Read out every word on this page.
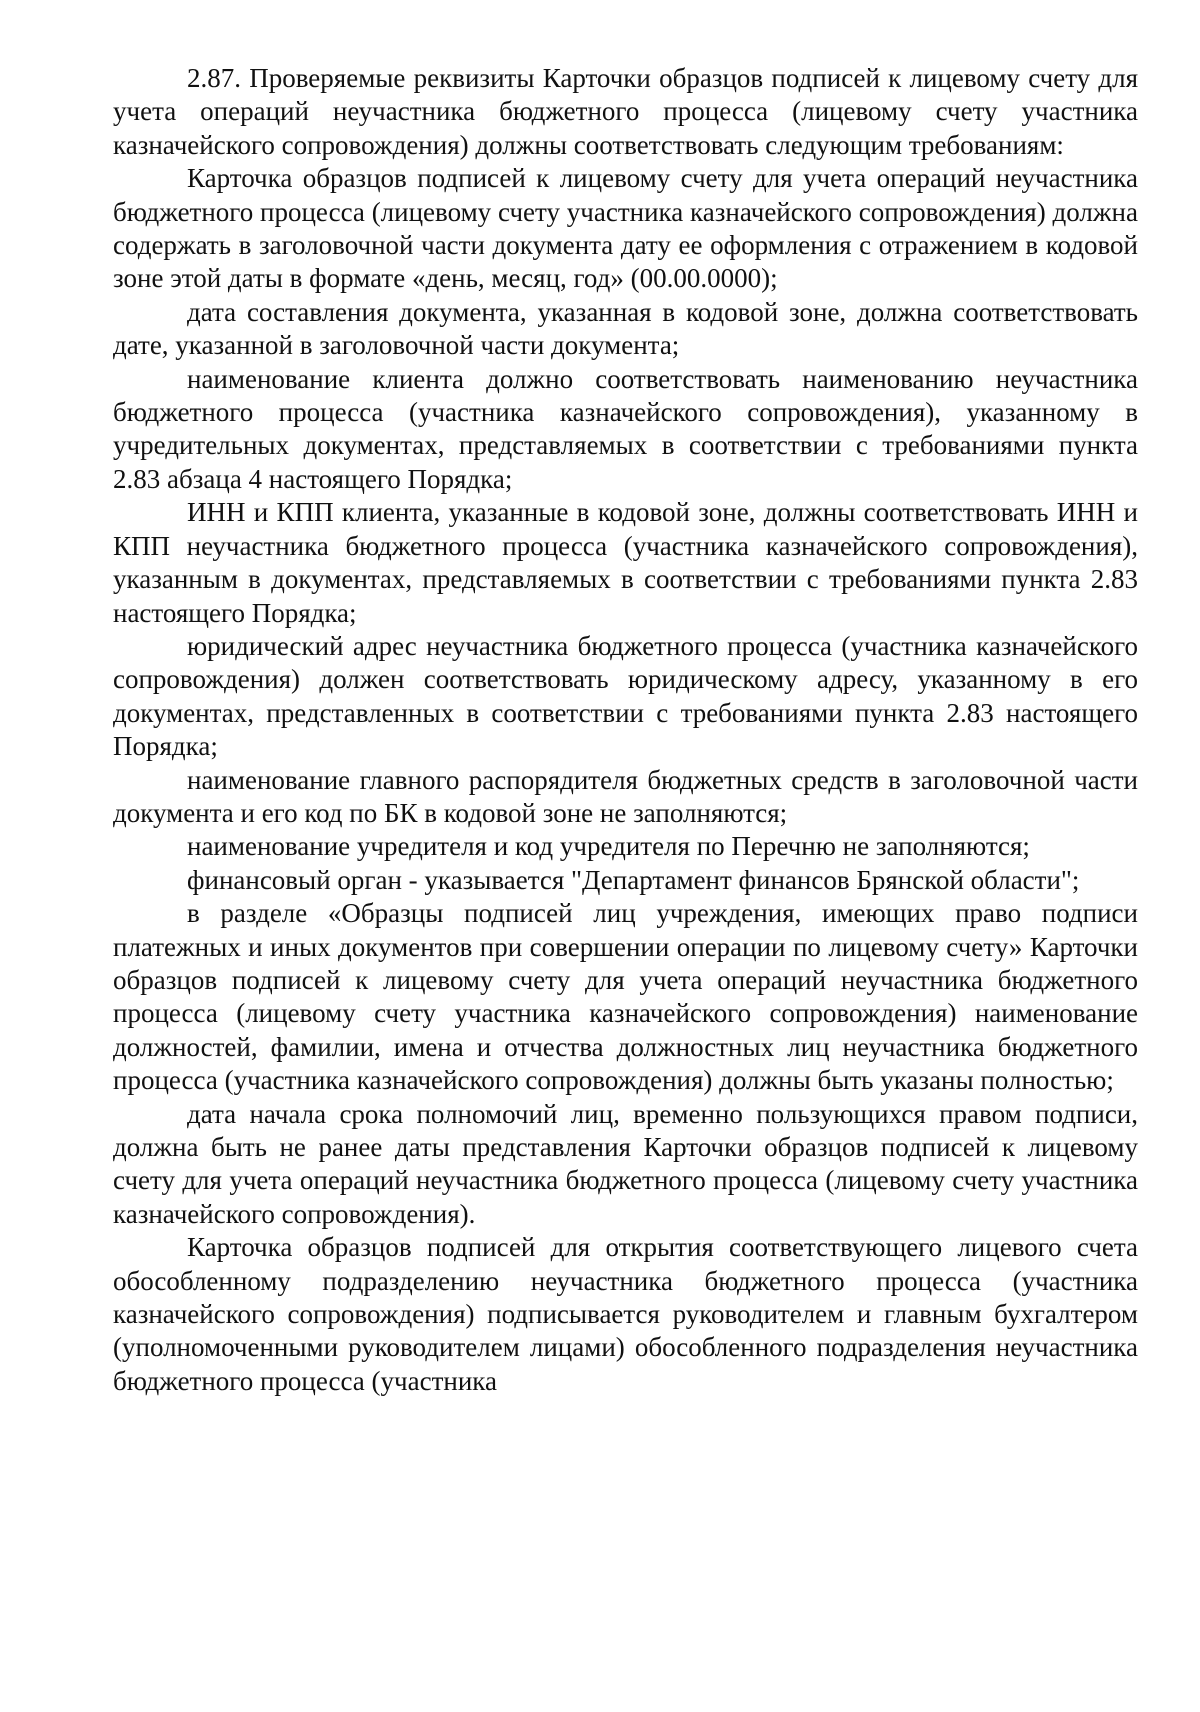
2.87. Проверяемые реквизиты Карточки образцов подписей к лицевому счету для учета операций неучастника бюджетного процесса (лицевому счету участника казначейского сопровождения) должны соответствовать следующим требованиям:

Карточка образцов подписей к лицевому счету для учета операций неучастника бюджетного процесса (лицевому счету участника казначейского сопровождения) должна содержать в заголовочной части документа дату ее оформления с отражением в кодовой зоне этой даты в формате «день, месяц, год» (00.00.0000);

дата составления документа, указанная в кодовой зоне, должна соответствовать дате, указанной в заголовочной части документа;

наименование клиента должно соответствовать наименованию неучастника бюджетного процесса (участника казначейского сопровождения), указанному в учредительных документах, представляемых в соответствии с требованиями пункта 2.83 абзаца 4 настоящего Порядка;

ИНН и КПП клиента, указанные в кодовой зоне, должны соответствовать ИНН и КПП неучастника бюджетного процесса (участника казначейского сопровождения), указанным в документах, представляемых в соответствии с требованиями пункта 2.83 настоящего Порядка;

юридический адрес неучастника бюджетного процесса (участника казначейского сопровождения) должен соответствовать юридическому адресу, указанному в его документах, представленных в соответствии с требованиями пункта 2.83 настоящего Порядка;

наименование главного распорядителя бюджетных средств в заголовочной части документа и его код по БК в кодовой зоне не заполняются;

наименование учредителя и код учредителя по Перечню не заполняются;

финансовый орган - указывается "Департамент финансов Брянской области";

в разделе «Образцы подписей лиц учреждения, имеющих право подписи платежных и иных документов при совершении операции по лицевому счету» Карточки образцов подписей к лицевому счету для учета операций неучастника бюджетного процесса (лицевому счету участника казначейского сопровождения) наименование должностей, фамилии, имена и отчества должностных лиц неучастника бюджетного процесса (участника казначейского сопровождения) должны быть указаны полностью;

дата начала срока полномочий лиц, временно пользующихся правом подписи, должна быть не ранее даты представления Карточки образцов подписей к лицевому счету для учета операций неучастника бюджетного процесса (лицевому счету участника казначейского сопровождения).

Карточка образцов подписей для открытия соответствующего лицевого счета обособленному подразделению неучастника бюджетного процесса (участника казначейского сопровождения) подписывается руководителем и главным бухгалтером (уполномоченными руководителем лицами) обособленного подразделения неучастника бюджетного процесса (участника
